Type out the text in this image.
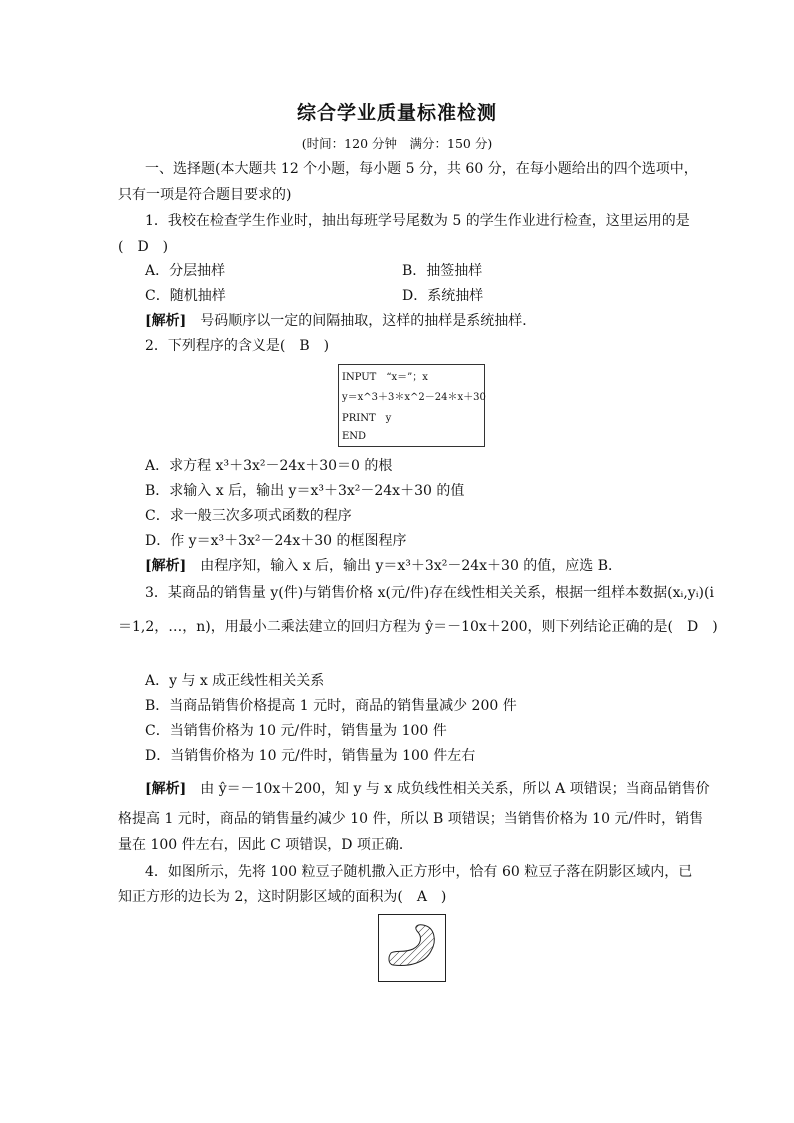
综合学业质量标准检测
(时间：120 分钟　满分：150 分)
一、选择题(本大题共 12 个小题，每小题 5 分，共 60 分，在每小题给出的四个选项中，
只有一项是符合题目要求的)
1．我校在检查学生作业时，抽出每班学号尾数为 5 的学生作业进行检查，这里运用的是
(　D　)
A．分层抽样	B．抽签抽样
C．随机抽样	D．系统抽样
[解析]　 号码顺序以一定的间隔抽取，这样的抽样是系统抽样．
2．下列程序的含义是(　B　)
INPUT　“x＝”；x
y＝x^3＋3＊x^2－24＊x＋30
PRINT　y
END
A．求方程 x³＋3x²－24x＋30＝0 的根
B．求输入 x 后，输出 y＝x³＋3x²－24x＋30 的值
C．求一般三次多项式函数的程序
D．作 y＝x³＋3x²－24x＋30 的框图程序
[解析]　 由程序知，输入 x 后，输出 y＝x³＋3x²－24x＋30 的值，应选 B．
3．某商品的销售量 y(件)与销售价格 x(元/件)存在线性相关关系，根据一组样本数据(xᵢ,yᵢ)(i
＝1,2，…，n)，用最小二乘法建立的回归方程为 ŷ＝－10x＋200，则下列结论正确的是(　D　)
A．y 与 x 成正线性相关关系
B．当商品销售价格提高 1 元时，商品的销售量减少 200 件
C．当销售价格为 10 元/件时，销售量为 100 件
D．当销售价格为 10 元/件时，销售量为 100 件左右
[解析]　 由 ŷ＝－10x＋200，知 y 与 x 成负线性相关关系，所以 A 项错误；当商品销售价
格提高 1 元时，商品的销售量约减少 10 件，所以 B 项错误；当销售价格为 10 元/件时，销售
量在 100 件左右，因此 C 项错误，D 项正确．
4．如图所示，先将 100 粒豆子随机撒入正方形中，恰有 60 粒豆子落在阴影区域内，已
知正方形的边长为 2，这时阴影区域的面积为(　A　)
